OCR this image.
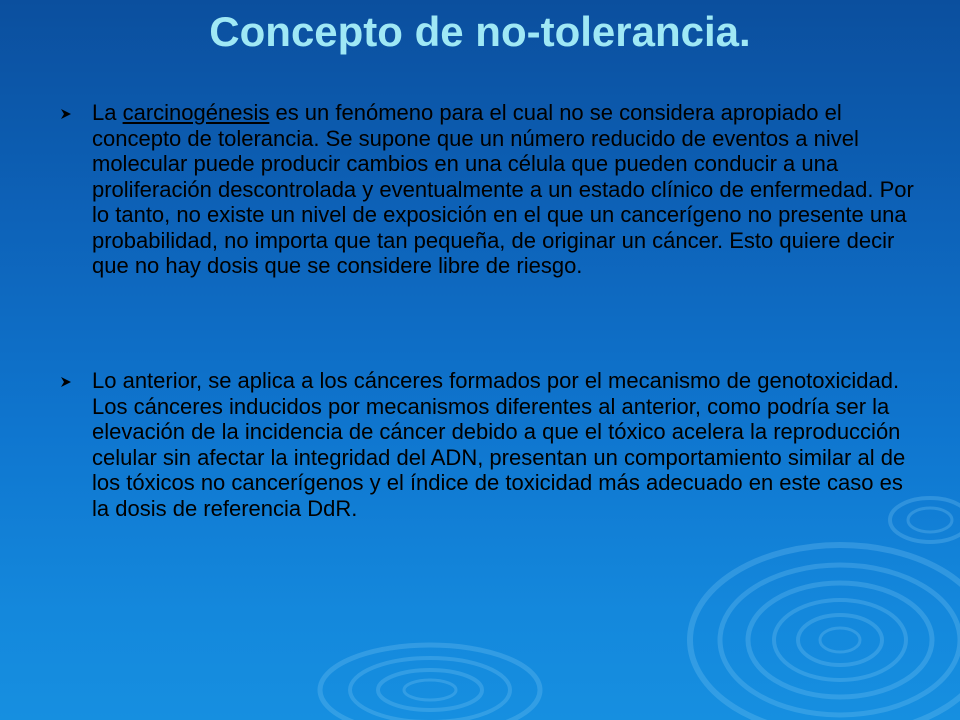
Concepto de no-tolerancia.
La carcinogénesis es un fenómeno para el cual no se considera apropiado el concepto de tolerancia. Se supone que un número reducido de eventos a nivel molecular puede producir cambios en una célula que pueden conducir a una proliferación descontrolada y eventualmente a un estado clínico de enfermedad. Por lo tanto, no existe un nivel de exposición en el que un cancerígeno no presente una probabilidad, no importa que tan pequeña, de originar un cáncer. Esto quiere decir que no hay dosis que se considere libre de riesgo.
Lo anterior, se aplica a los cánceres formados por el mecanismo de genotoxicidad. Los cánceres inducidos por mecanismos diferentes al anterior, como podría ser la elevación de la incidencia de cáncer debido a que el tóxico acelera la reproducción celular sin afectar la integridad del ADN, presentan un comportamiento similar al de los tóxicos no cancerígenos y el índice de toxicidad más adecuado en este caso es la dosis de referencia DdR.
